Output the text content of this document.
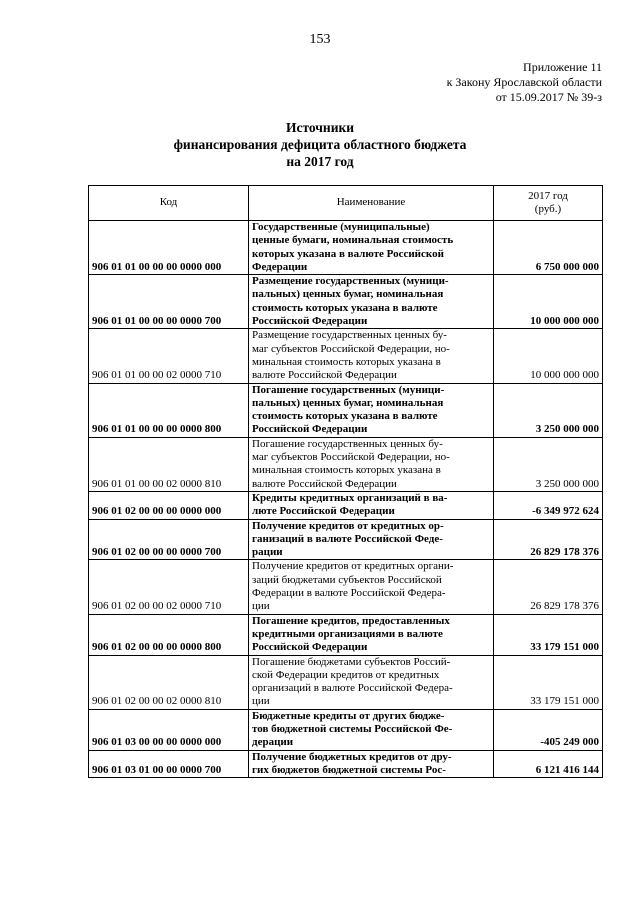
153
Приложение 11
к Закону Ярославской области
от 15.09.2017 № 39-з
Источники
финансирования дефицита областного бюджета
на 2017 год
Код	Наименование	2017 год
(руб.)

906 01 01 00 00 00 0000 000	Государственные (муниципальные)
ценные бумаги, номинальная стоимость
которых указана в валюте Российской
Федерации	6 750 000 000
906 01 01 00 00 00 0000 700	Размещение государственных (муници-
пальных) ценных бумаг, номинальная
стоимость которых указана в валюте
Российской Федерации	10 000 000 000
906 01 01 00 00 02 0000 710	Размещение государственных ценных бу-
маг субъектов Российской Федерации, но-
минальная стоимость которых указана в
валюте Российской Федерации	10 000 000 000
906 01 01 00 00 00 0000 800	Погашение государственных (муници-
пальных) ценных бумаг, номинальная
стоимость которых указана в валюте
Российской Федерации	3 250 000 000
906 01 01 00 00 02 0000 810	Погашение государственных ценных бу-
маг субъектов Российской Федерации, но-
минальная стоимость которых указана в
валюте Российской Федерации	3 250 000 000
906 01 02 00 00 00 0000 000	Кредиты кредитных организаций в ва-
люте Российской Федерации	-6 349 972 624
906 01 02 00 00 00 0000 700	Получение кредитов от кредитных ор-
ганизаций в валюте Российской Феде-
рации	26 829 178 376
906 01 02 00 00 02 0000 710	Получение кредитов от кредитных органи-
заций бюджетами субъектов Российской
Федерации в валюте Российской Федера-
ции	26 829 178 376
906 01 02 00 00 00 0000 800	Погашение кредитов, предоставленных
кредитными организациями в валюте
Российской Федерации	33 179 151 000
906 01 02 00 00 02 0000 810	Погашение бюджетами субъектов Россий-
ской Федерации кредитов от кредитных
организаций в валюте Российской Федера-
ции	33 179 151 000
906 01 03 00 00 00 0000 000	Бюджетные кредиты от других бюдже-
тов бюджетной системы Российской Фе-
дерации	-405 249 000
906 01 03 01 00 00 0000 700	Получение бюджетных кредитов от дру-
гих бюджетов бюджетной системы Рос-	6 121 416 144
